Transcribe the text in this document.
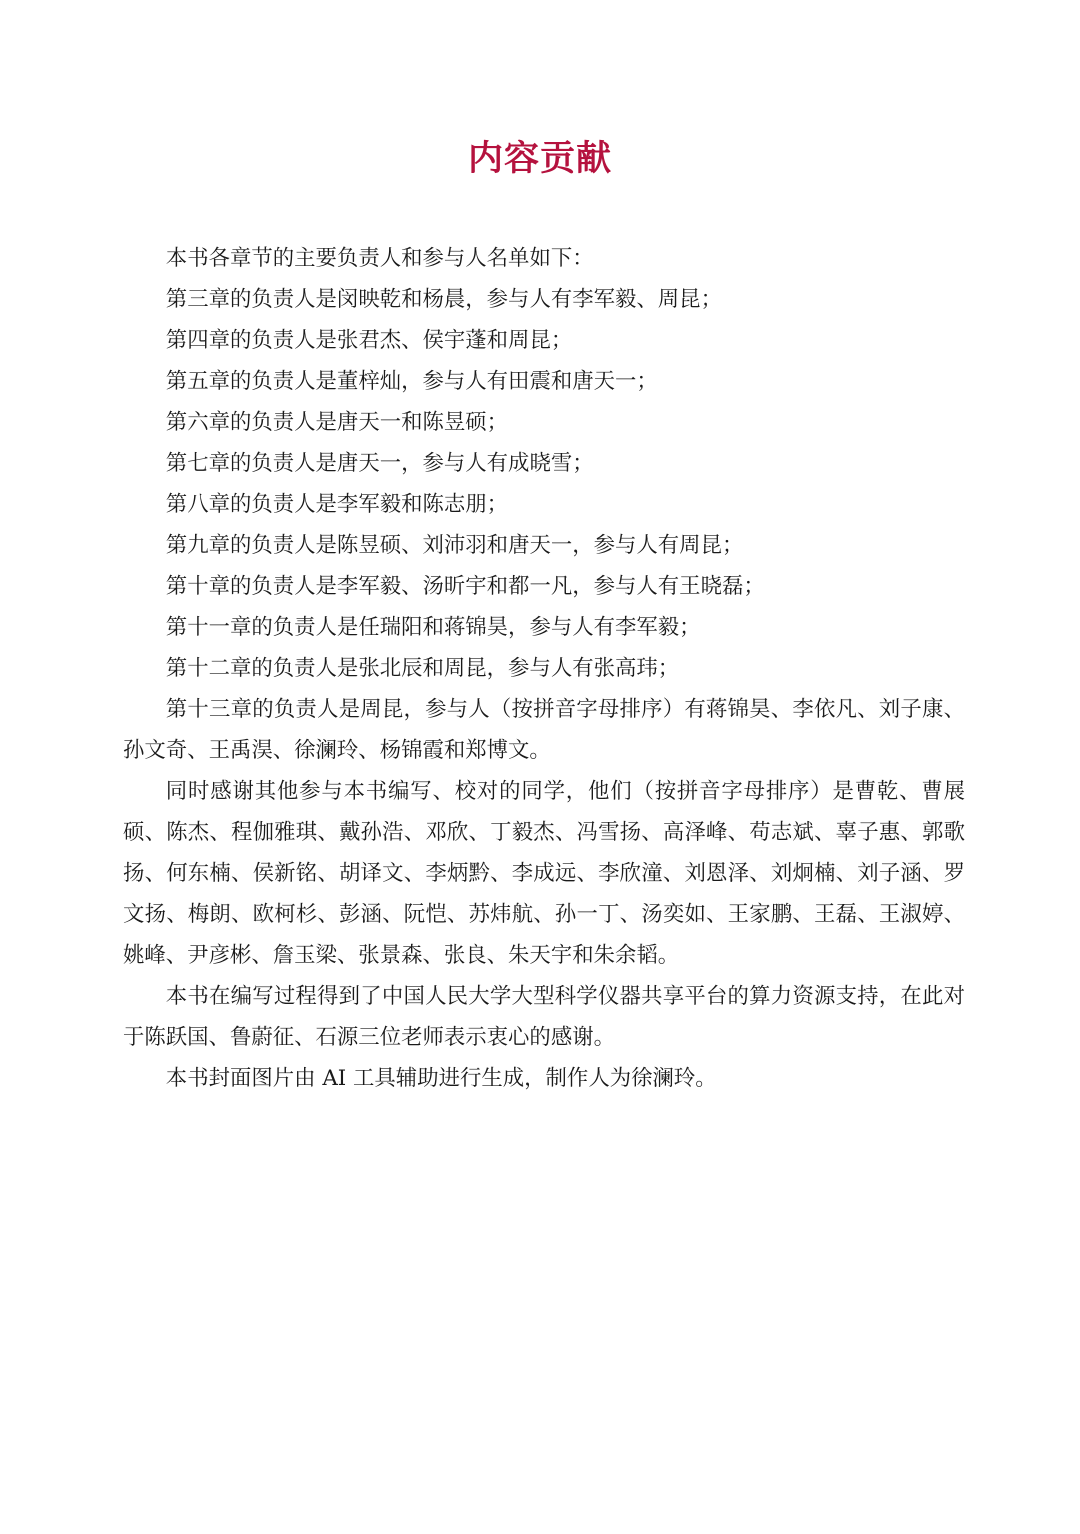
内容贡献

本书各章节的主要负责人和参与人名单如下：

第三章的负责人是闵映乾和杨晨，参与人有李军毅、周昆；

第四章的负责人是张君杰、侯宇蓬和周昆；

第五章的负责人是董梓灿，参与人有田震和唐天一；

第六章的负责人是唐天一和陈昱硕；

第七章的负责人是唐天一，参与人有成晓雪；

第八章的负责人是李军毅和陈志朋；

第九章的负责人是陈昱硕、刘沛羽和唐天一，参与人有周昆；

第十章的负责人是李军毅、汤昕宇和都一凡，参与人有王晓磊；

第十一章的负责人是任瑞阳和蒋锦昊，参与人有李军毅；

第十二章的负责人是张北辰和周昆，参与人有张高玮；

第十三章的负责人是周昆，参与人（按拼音字母排序）有蒋锦昊、李依凡、刘子康、孙文奇、王禹淏、徐澜玲、杨锦霞和郑博文。

同时感谢其他参与本书编写、校对的同学，他们（按拼音字母排序）是曹乾、曹展硕、陈杰、程伽雅琪、戴孙浩、邓欣、丁毅杰、冯雪扬、高泽峰、苟志斌、辜子惠、郭歌扬、何东楠、侯新铭、胡译文、李炳黔、李成远、李欣潼、刘恩泽、刘炯楠、刘子涵、罗文扬、梅朗、欧柯杉、彭涵、阮恺、苏炜航、孙一丁、汤奕如、王家鹏、王磊、王淑婷、姚峰、尹彦彬、詹玉梁、张景森、张良、朱天宇和朱余韬。

本书在编写过程得到了中国人民大学大型科学仪器共享平台的算力资源支持，在此对于陈跃国、鲁蔚征、石源三位老师表示衷心的感谢。

本书封面图片由 AI 工具辅助进行生成，制作人为徐澜玲。
